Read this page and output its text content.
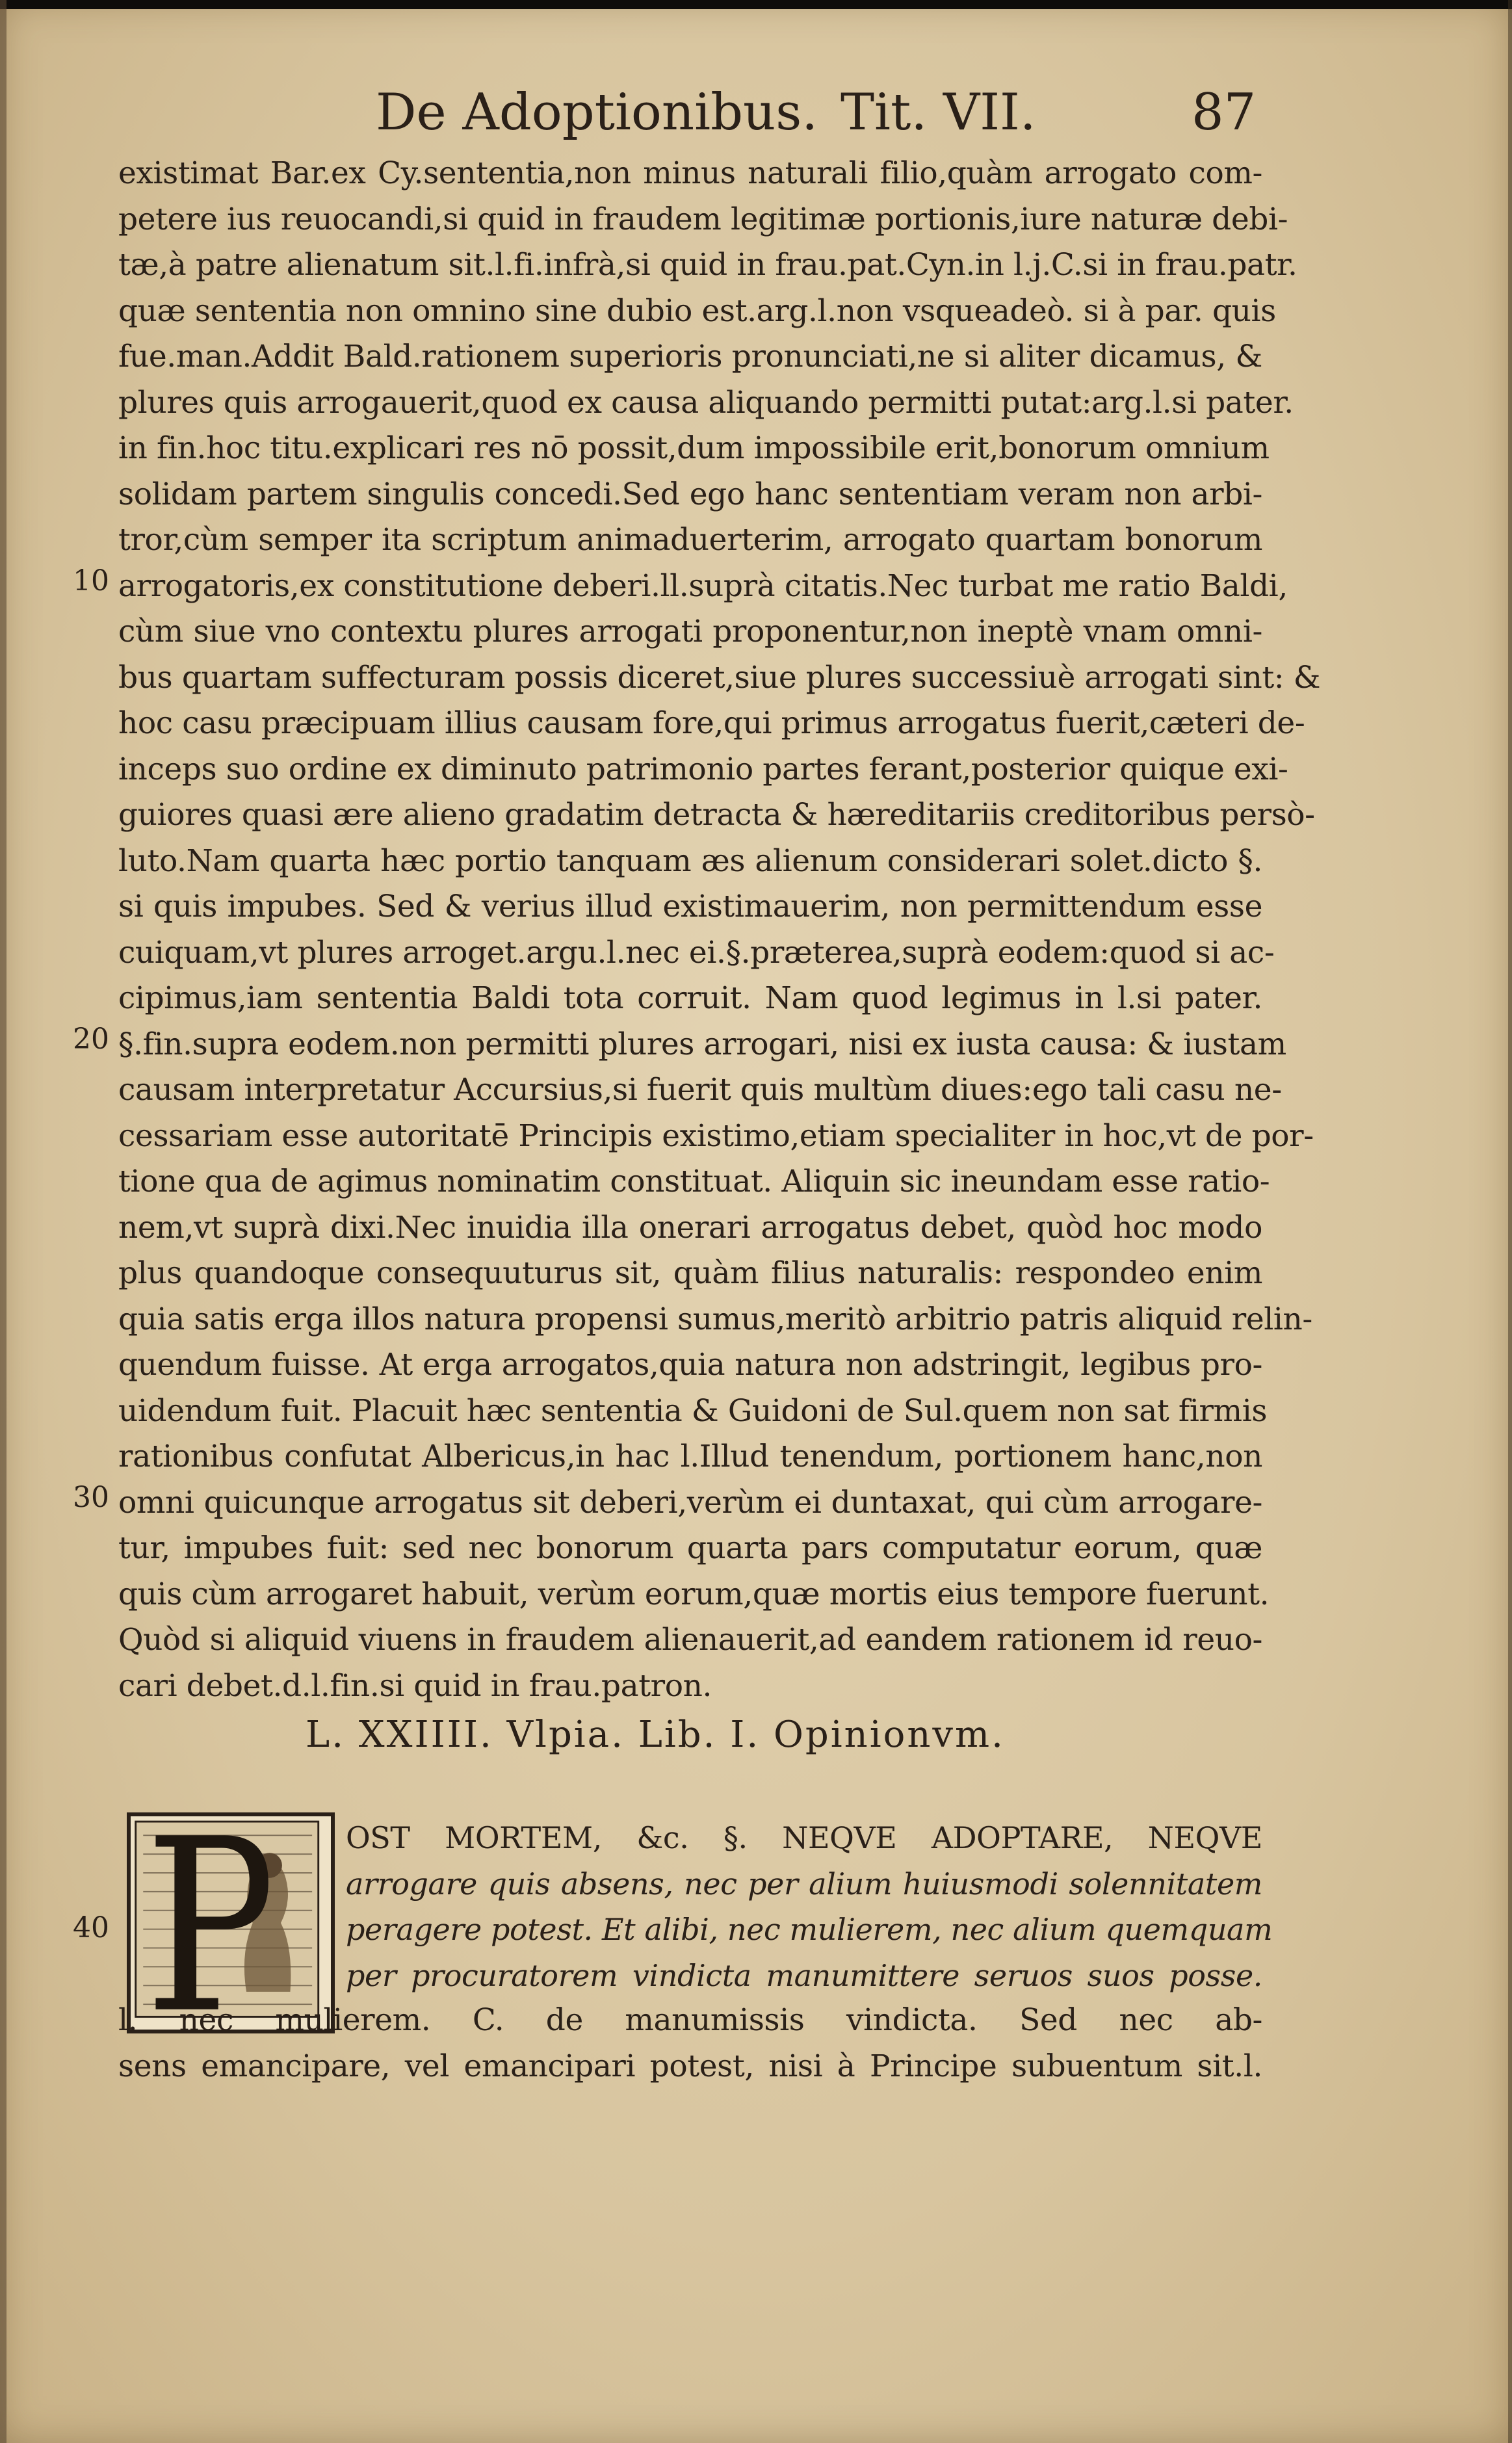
De Adoptionibus. Tit. VII.	87
10
20
30
40
existimat Bar.ex Cy.sententia,non minus naturali filio,quàm arrogato com-
petere ius reuocandi,si quid in fraudem legitimæ portionis,iure naturæ debi-
tæ,à patre alienatum sit.l.fi.infrà,si quid in frau.pat.Cyn.in l.j.C.si in frau.patr.
quæ sententia non omnino sine dubio est.arg.l.non vsqueadeò. si à par. quis
fue.man.Addit Bald.rationem superioris pronunciati,ne si aliter dicamus, &
plures quis arrogauerit,quod ex causa aliquando permitti putat:arg.l.si pater.
in fin.hoc titu.explicari res nō possit,dum impossibile erit,bonorum omnium
solidam partem singulis concedi.Sed ego hanc sententiam veram non arbi-
tror,cùm semper ita scriptum animaduerterim, arrogato quartam bonorum
arrogatoris,ex constitutione deberi.ll.suprà citatis.Nec turbat me ratio Baldi,
cùm siue vno contextu plures arrogati proponentur,non ineptè vnam omni-
bus quartam suffecturam possis diceret,siue plures successiuè arrogati sint: &
hoc casu præcipuam illius causam fore,qui primus arrogatus fuerit,cæteri de-
inceps suo ordine ex diminuto patrimonio partes ferant,posterior quique exi-
guiores quasi ære alieno gradatim detracta & hæreditariis creditoribus persò-
luto.Nam quarta hæc portio tanquam æs alienum considerari solet.dicto §.
si quis impubes. Sed & verius illud existimauerim, non permittendum esse
cuiquam,vt plures arroget.argu.l.nec ei.§.præterea,suprà eodem:quod si ac-
cipimus,iam sententia Baldi tota corruit. Nam quod legimus in l.si pater.
§.fin.supra eodem.non permitti plures arrogari, nisi ex iusta causa: & iustam
causam interpretatur Accursius,si fuerit quis multùm diues:ego tali casu ne-
cessariam esse autoritatē Principis existimo,etiam specialiter in hoc,vt de por-
tione qua de agimus nominatim constituat. Aliquin sic ineundam esse ratio-
nem,vt suprà dixi.Nec inuidia illa onerari arrogatus debet, quòd hoc modo
plus quandoque consequuturus sit, quàm filius naturalis: respondeo enim
quia satis erga illos natura propensi sumus,meritò arbitrio patris aliquid relin-
quendum fuisse. At erga arrogatos,quia natura non adstringit, legibus pro-
uidendum fuit. Placuit hæc sententia & Guidoni de Sul.quem non sat firmis
rationibus confutat Albericus,in hac l.Illud tenendum, portionem hanc,non
omni quicunque arrogatus sit deberi,verùm ei duntaxat, qui cùm arrogare-
tur, impubes fuit: sed nec bonorum quarta pars computatur eorum, quæ
quis cùm arrogaret habuit, verùm eorum,quæ mortis eius tempore fuerunt.
Quòd si aliquid viuens in fraudem alienauerit,ad eandem rationem id reuo-
cari debet.d.l.fin.si quid in frau.patron.
L. XXIIII. Vlpia. Lib. I. Opinionvm.
OST MORTEM, &c. §. NEQVE ADOPTARE, NEQVE
arrogare quis absens, nec per alium huiusmodi solennitatem
peragere potest. Et alibi, nec mulierem, nec alium quemquam
per procuratorem vindicta manumittere seruos suos posse.
l. nec mulierem. C. de manumissis vindicta. Sed nec ab-
sens emancipare, vel emancipari potest, nisi à Principe subuentum sit.l.
